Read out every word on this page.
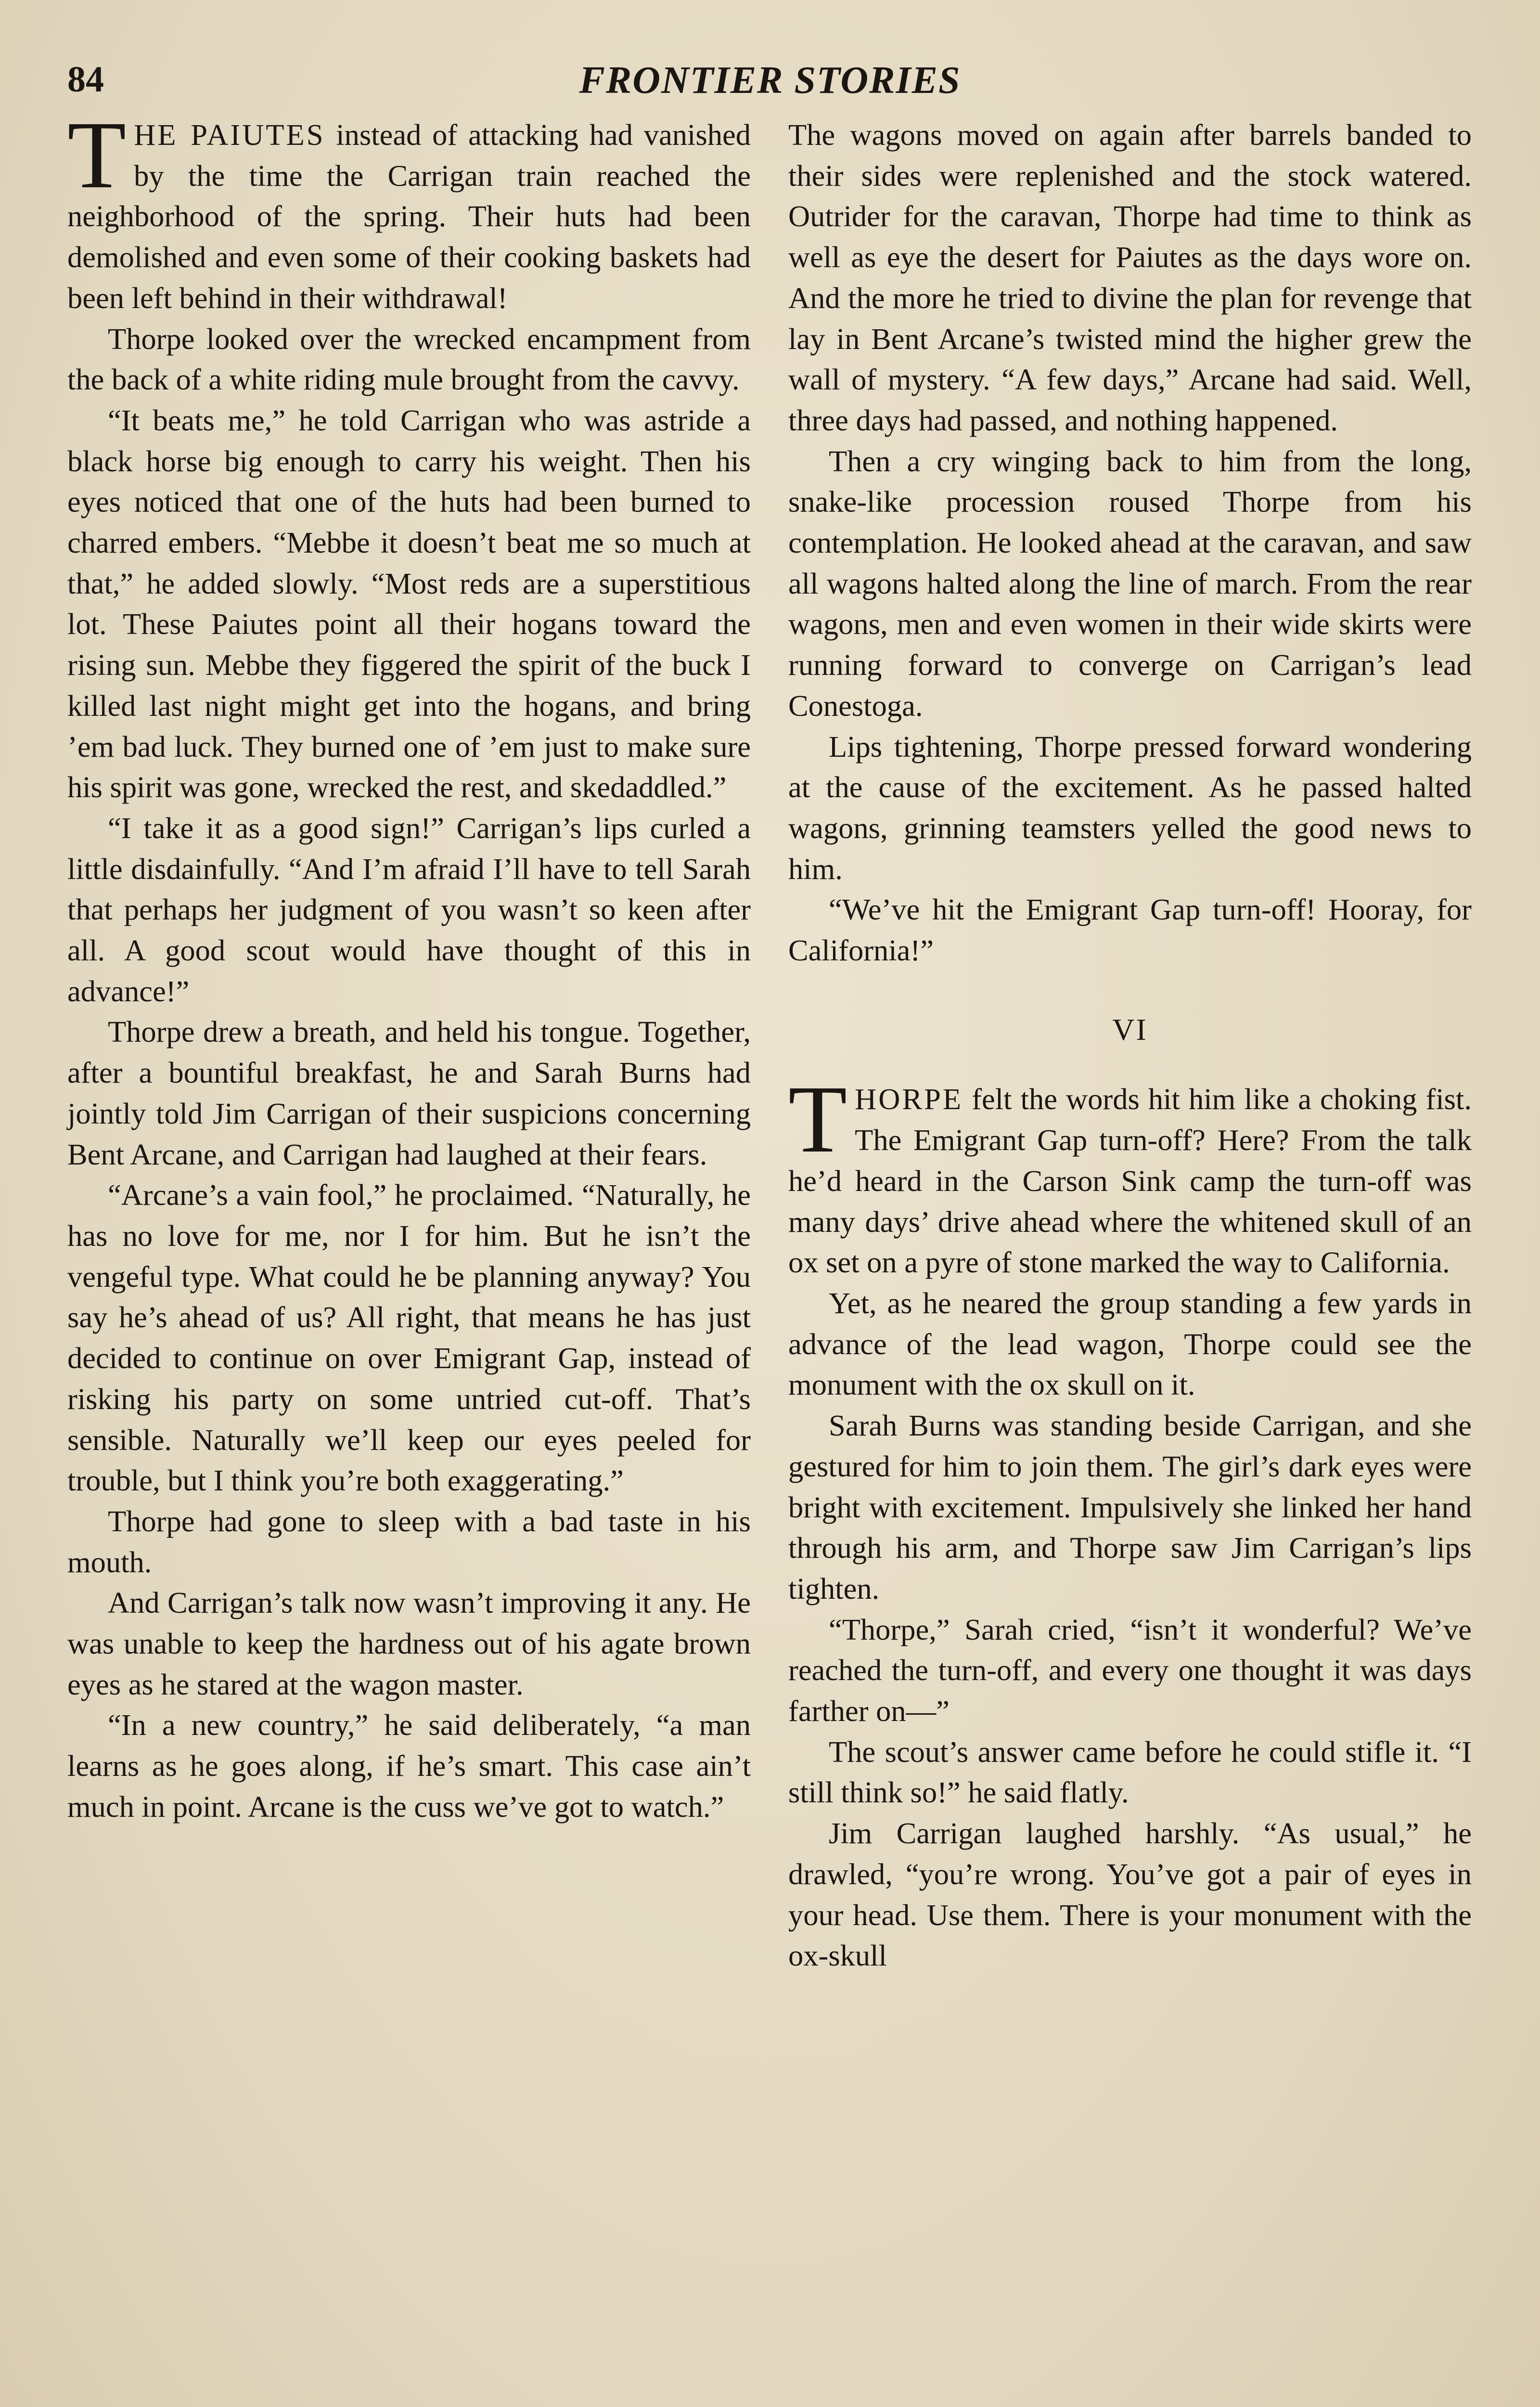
84	FRONTIER STORIES

THE PAIUTES instead of attacking had vanished by the time the Carrigan train reached the neighborhood of the spring. Their huts had been demolished and even some of their cooking baskets had been left behind in their withdrawal!

Thorpe looked over the wrecked encampment from the back of a white riding mule brought from the cavvy.

“It beats me,” he told Carrigan who was astride a black horse big enough to carry his weight. Then his eyes noticed that one of the huts had been burned to charred embers. “Mebbe it doesn’t beat me so much at that,” he added slowly. “Most reds are a superstitious lot. These Paiutes point all their hogans toward the rising sun. Mebbe they figgered the spirit of the buck I killed last night might get into the hogans, and bring ’em bad luck. They burned one of ’em just to make sure his spirit was gone, wrecked the rest, and skedaddled.”

“I take it as a good sign!” Carrigan’s lips curled a little disdainfully. “And I’m afraid I’ll have to tell Sarah that perhaps her judgment of you wasn’t so keen after all. A good scout would have thought of this in advance!”

Thorpe drew a breath, and held his tongue. Together, after a bountiful breakfast, he and Sarah Burns had jointly told Jim Carrigan of their suspicions concerning Bent Arcane, and Carrigan had laughed at their fears.

“Arcane’s a vain fool,” he proclaimed. “Naturally, he has no love for me, nor I for him. But he isn’t the vengeful type. What could he be planning anyway? You say he’s ahead of us? All right, that means he has just decided to continue on over Emigrant Gap, instead of risking his party on some untried cut-off. That’s sensible. Naturally we’ll keep our eyes peeled for trouble, but I think you’re both exaggerating.”

Thorpe had gone to sleep with a bad taste in his mouth.

And Carrigan’s talk now wasn’t improving it any. He was unable to keep the hardness out of his agate brown eyes as he stared at the wagon master.

“In a new country,” he said deliberately, “a man learns as he goes along, if he’s smart. This case ain’t much in point. Arcane is the cuss we’ve got to watch.”

The wagons moved on again after barrels banded to their sides were replenished and the stock watered. Outrider for the caravan, Thorpe had time to think as well as eye the desert for Paiutes as the days wore on. And the more he tried to divine the plan for revenge that lay in Bent Arcane’s twisted mind the higher grew the wall of mystery. “A few days,” Arcane had said. Well, three days had passed, and nothing happened.

Then a cry winging back to him from the long, snake-like procession roused Thorpe from his contemplation. He looked ahead at the caravan, and saw all wagons halted along the line of march. From the rear wagons, men and even women in their wide skirts were running forward to converge on Carrigan’s lead Conestoga.

Lips tightening, Thorpe pressed forward wondering at the cause of the excitement. As he passed halted wagons, grinning teamsters yelled the good news to him.

“We’ve hit the Emigrant Gap turn-off! Hooray, for California!”

VI

THORPE felt the words hit him like a choking fist. The Emigrant Gap turn-off? Here? From the talk he’d heard in the Carson Sink camp the turn-off was many days’ drive ahead where the whitened skull of an ox set on a pyre of stone marked the way to California.

Yet, as he neared the group standing a few yards in advance of the lead wagon, Thorpe could see the monument with the ox skull on it.

Sarah Burns was standing beside Carrigan, and she gestured for him to join them. The girl’s dark eyes were bright with excitement. Impulsively she linked her hand through his arm, and Thorpe saw Jim Carrigan’s lips tighten.

“Thorpe,” Sarah cried, “isn’t it wonderful? We’ve reached the turn-off, and every one thought it was days farther on—”

The scout’s answer came before he could stifle it. “I still think so!” he said flatly.

Jim Carrigan laughed harshly. “As usual,” he drawled, “you’re wrong. You’ve got a pair of eyes in your head. Use them. There is your monument with the ox-skull
